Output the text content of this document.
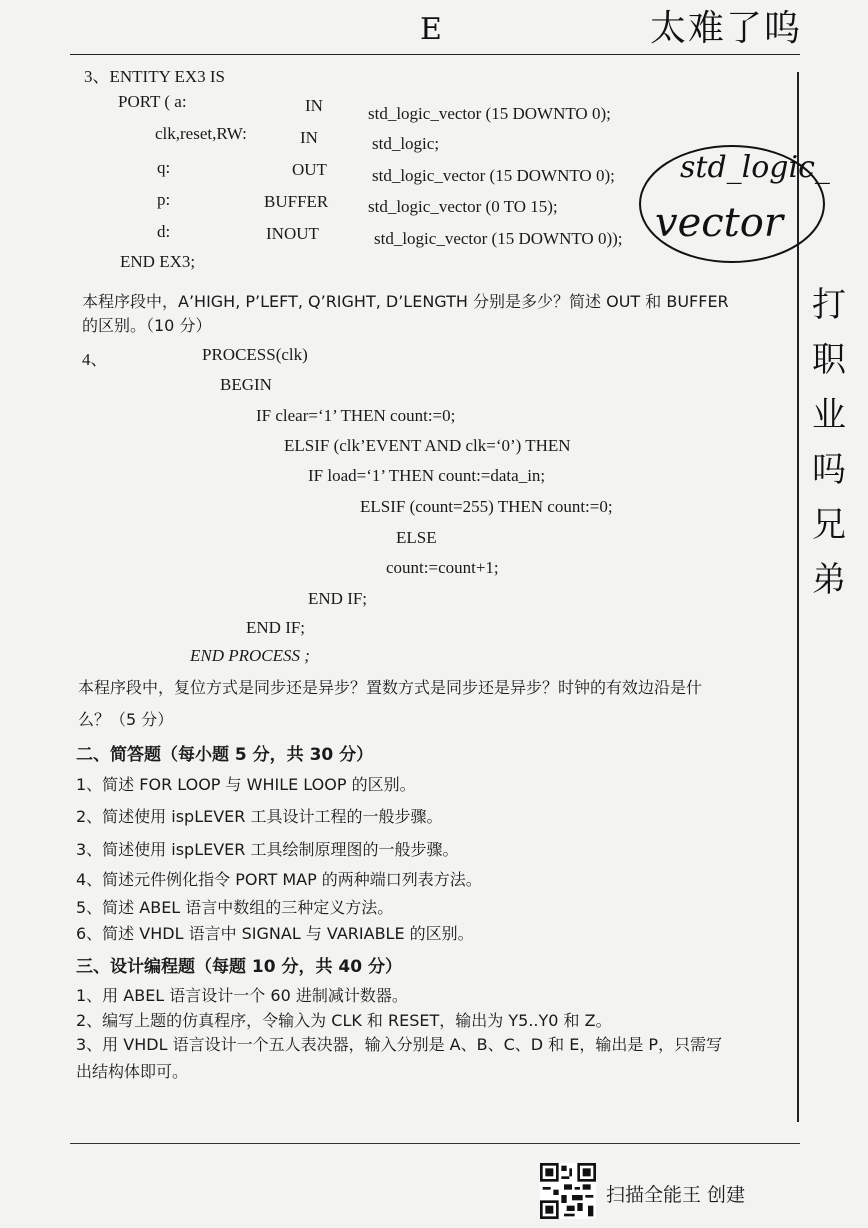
E	太难了呜
3、ENTITY EX3 IS
PORT ( a:	IN	std_logic_vector (15 DOWNTO 0);
clk,reset,RW:	IN	std_logic;
q:	OUT	std_logic_vector (15 DOWNTO 0);
p:	BUFFER std_logic_vector (0 TO 15);
d:	INOUT	std_logic_vector (15 DOWNTO 0));
END EX3;
std_logic_
vector
本程序段中，A’HIGH, P’LEFT, Q’RIGHT, D’LENGTH 分别是多少？简述 OUT 和 BUFFER
的区别。（10 分）
打
职
业
吗
兄
弟
4、	PROCESS(clk)
BEGIN
IF clear=‘1’ THEN count:=0;
ELSIF (clk’EVENT AND clk=‘0’) THEN
IF load=‘1’ THEN count:=data_in;
ELSIF (count=255) THEN count:=0;
ELSE
count:=count+1;
END IF;
END IF;
END PROCESS ;
本程序段中，复位方式是同步还是异步？置数方式是同步还是异步？时钟的有效边沿是什
么？（5 分）
二、简答题（每小题 5 分，共 30 分）
1、简述 FOR LOOP 与 WHILE LOOP 的区别。
2、简述使用 ispLEVER 工具设计工程的一般步骤。
3、简述使用 ispLEVER 工具绘制原理图的一般步骤。
4、简述元件例化指令 PORT MAP 的两种端口列表方法。
5、简述 ABEL 语言中数组的三种定义方法。
6、简述 VHDL 语言中 SIGNAL 与 VARIABLE 的区别。
三、设计编程题（每题 10 分，共 40 分）
1、用 ABEL 语言设计一个 60 进制减计数器。
2、编写上题的仿真程序，令输入为 CLK 和 RESET，输出为 Y5..Y0 和 Z。
3、用 VHDL 语言设计一个五人表决器，输入分别是 A、B、C、D 和 E，输出是 P，只需写
出结构体即可。
扫描全能王 创建
